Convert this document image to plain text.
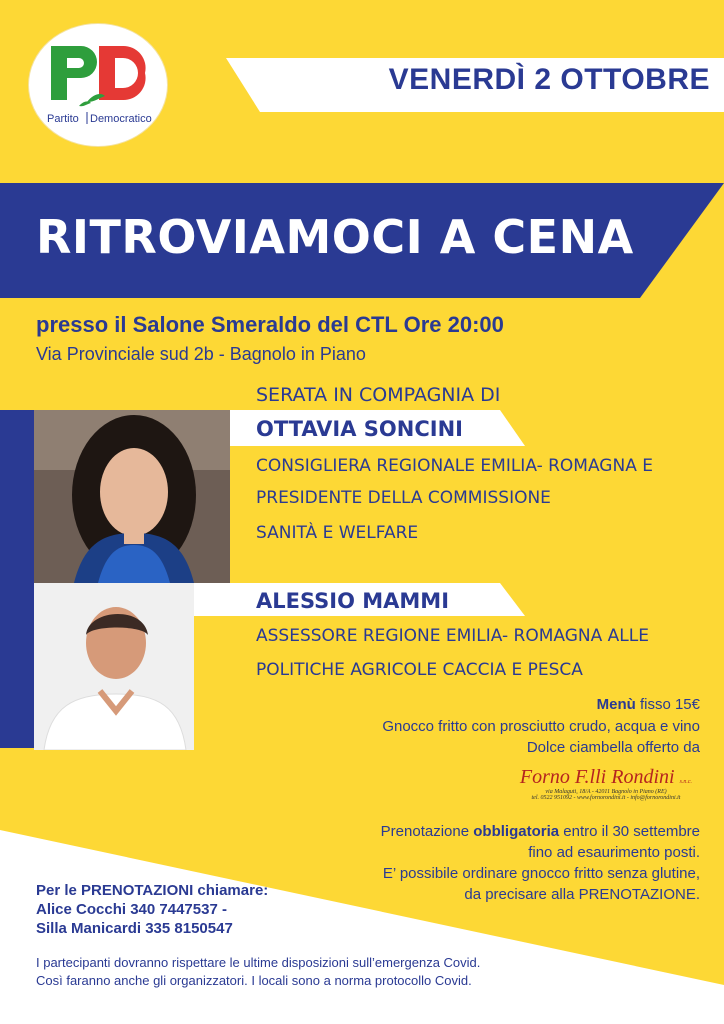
Partito Democratico
VENERDÌ 2 OTTOBRE
RITROVIAMOCI A CENA
presso il Salone Smeraldo del CTL Ore 20:00
Via Provinciale sud 2b - Bagnolo in Piano
SERATA IN COMPAGNIA DI
OTTAVIA SONCINI
CONSIGLIERA REGIONALE EMILIA- ROMAGNA E
PRESIDENTE DELLA COMMISSIONE
SANITÀ E WELFARE
ALESSIO MAMMI
ASSESSORE REGIONE EMILIA- ROMAGNA ALLE
POLITICHE AGRICOLE CACCIA E PESCA
Menù fisso 15€
Gnocco fritto con prosciutto crudo, acqua e vino
Dolce ciambella offerto da
Forno F.lli Rondini s.n.c.
via Malaguti, 18/A - 42011 Bagnolo in Piano (RE)
tel. 0522 951092 - www.fornorondini.it - info@fornorondini.it
Prenotazione obbligatoria entro il 30 settembre
fino ad esaurimento posti.
E’ possibile ordinare gnocco fritto senza glutine,
da precisare alla PRENOTAZIONE.
Per le PRENOTAZIONI chiamare:
Alice Cocchi 340 7447537 -
Silla Manicardi 335 8150547
I partecipanti dovranno rispettare le ultime disposizioni sull’emergenza Covid.
Così faranno anche gli organizzatori. I locali sono a norma protocollo Covid.
